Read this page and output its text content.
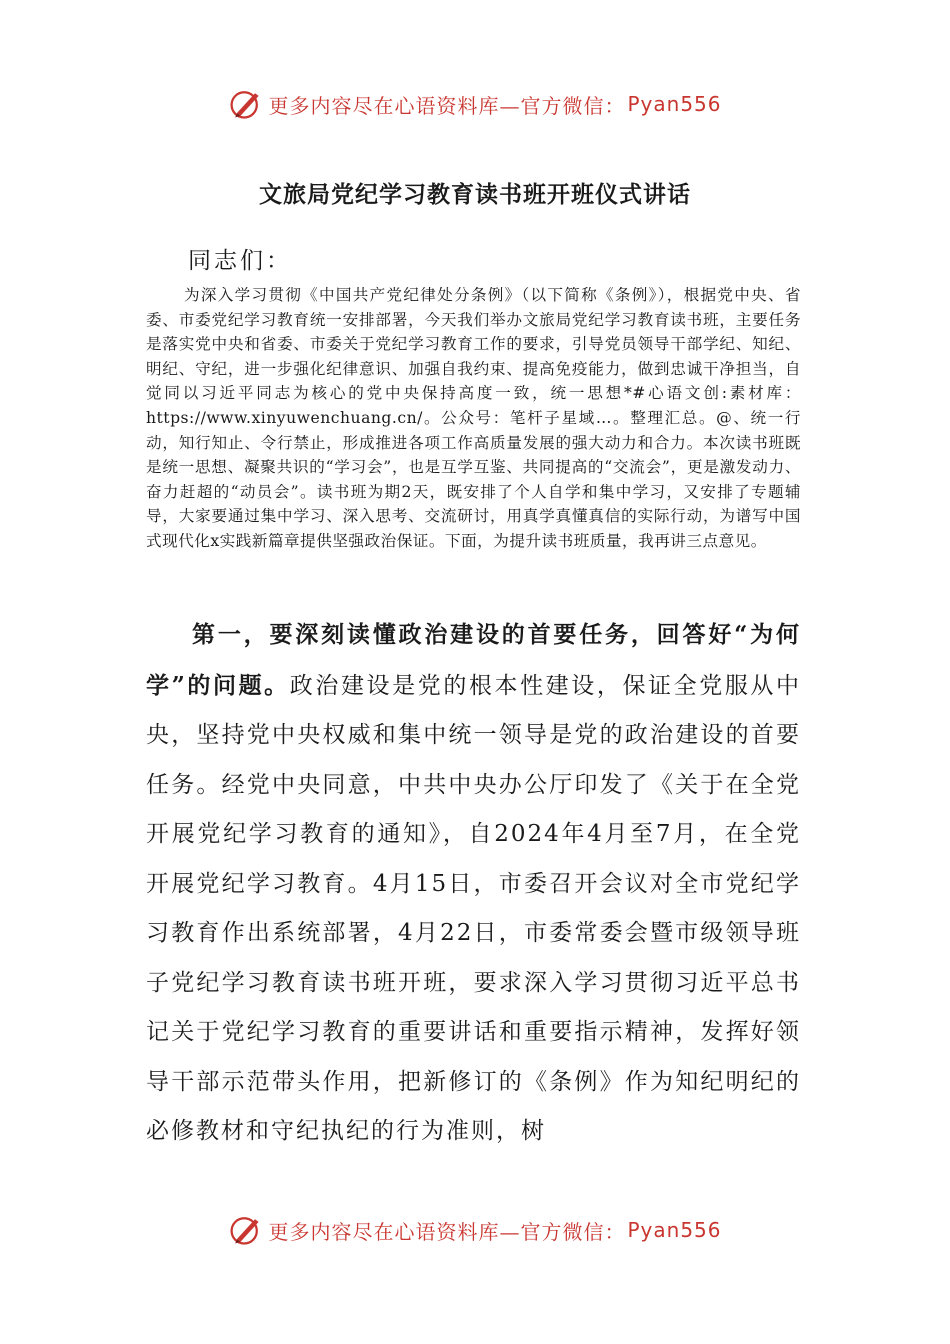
更多内容尽在心语资料库—官方微信： Pyan556
文旅局党纪学习教育读书班开班仪式讲话
同志们：

为深入学习贯彻《中国共产党纪律处分条例》（以下简称《条例》），根据党中央、省委、市委党纪学习教育统一安排部署，今天我们举办文旅局党纪学习教育读书班，主要任务是落实党中央和省委、市委关于党纪学习教育工作的要求，引导党员领导干部学纪、知纪、明纪、守纪，进一步强化纪律意识、加强自我约束、提高免疫能力，做到忠诚干净担当，自觉同以习近平同志为核心的党中央保持高度一致，统一思想*#心语文创:素材库：https://www.xinyuwenchuang.cn/。公众号：笔杆子星域…。整理汇总。@、统一行动，知行知止、令行禁止，形成推进各项工作高质量发展的强大动力和合力。本次读书班既是统一思想、凝聚共识的“学习会”，也是互学互鉴、共同提高的“交流会”，更是激发动力、奋力赶超的“动员会”。读书班为期2天，既安排了个人自学和集中学习，又安排了专题辅导，大家要通过集中学习、深入思考、交流研讨，用真学真懂真信的实际行动，为谱写中国式现代化x实践新篇章提供坚强政治保证。下面，为提升读书班质量，我再讲三点意见。

第一，要深刻读懂政治建设的首要任务，回答好“为何学”的问题。政治建设是党的根本性建设，保证全党服从中央，坚持党中央权威和集中统一领导是党的政治建设的首要任务。经党中央同意，中共中央办公厅印发了《关于在全党开展党纪学习教育的通知》，自2024年4月至7月，在全党开展党纪学习教育。4月15日，市委召开会议对全市党纪学习教育作出系统部署，4月22日，市委常委会暨市级领导班子党纪学习教育读书班开班，要求深入学习贯彻习近平总书记关于党纪学习教育的重要讲话和重要指示精神，发挥好领导干部示范带头作用，把新修订的《条例》作为知纪明纪的必修教材和守纪执纪的行为准则，树

更多内容尽在心语资料库—官方微信： Pyan556
